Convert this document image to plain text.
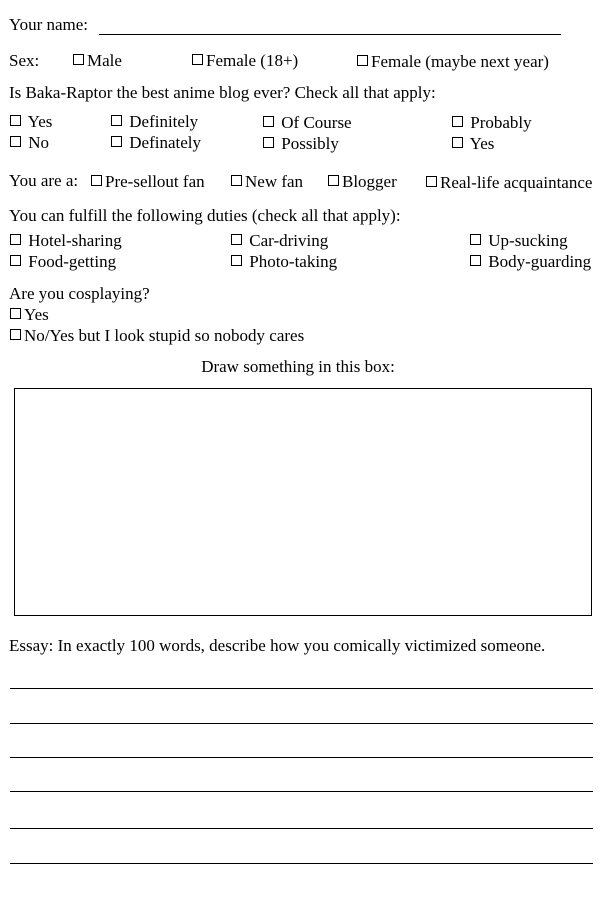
Your name:
Sex:	Male	Female (18+)	Female (maybe next year)
Is Baka-Raptor the best anime blog ever? Check all that apply:
Yes	Definitely	Of Course	Probably
No	Definately	Possibly	Yes
You are a:	Pre-sellout fan	New fan	Blogger	Real-life acquaintance
You can fulfill the following duties (check all that apply):
Hotel-sharing	Car-driving	Up-sucking
Food-getting	Photo-taking	Body-guarding
Are you cosplaying?
Yes
No/Yes but I look stupid so nobody cares
Draw something in this box:
Essay: In exactly 100 words, describe how you comically victimized someone.
